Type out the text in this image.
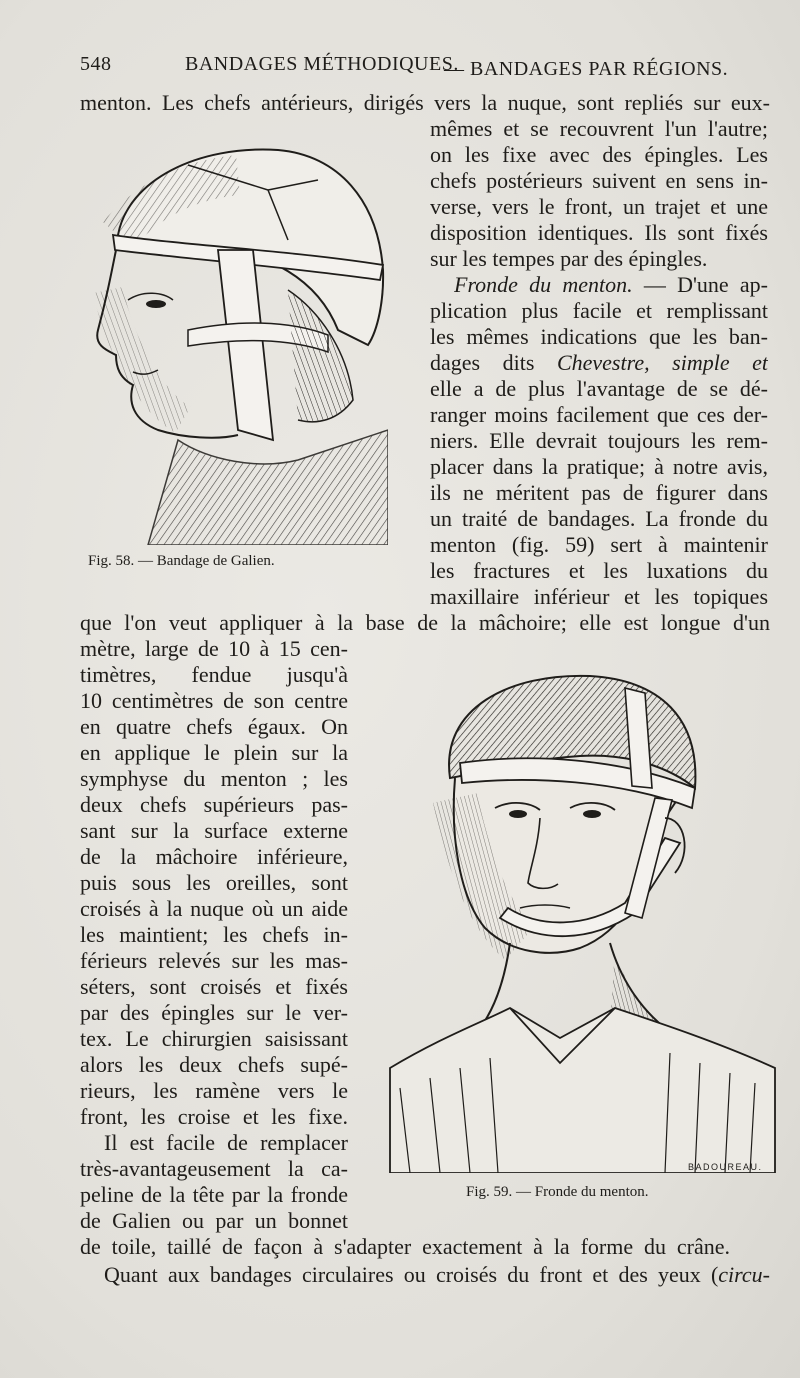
548	BANDAGES MÉTHODIQUES.
— BANDAGES PAR RÉGIONS.
Fig. 58. — Bandage de Galien.
BADOUREAU.
Fig. 59. — Fronde du menton.
menton. Les chefs antérieurs, dirigés vers la nuque, sont repliés sur eux-
mêmes et se recouvrent l'un l'autre;
on les fixe avec des épingles. Les
chefs postérieurs suivent en sens in-
verse, vers le front, un trajet et une
disposition identiques. Ils sont fixés
sur les tempes par des épingles.
Fronde du menton. — D'une ap-
plication plus facile et remplissant
les mêmes indications que les ban-
dages dits Chevestre, simple et
elle a de plus l'avantage de se dé-
ranger moins facilement que ces der-
niers. Elle devrait toujours les rem-
placer dans la pratique; à notre avis,
ils ne méritent pas de figurer dans
un traité de bandages. La fronde du
menton (fig. 59) sert à maintenir
les fractures et les luxations du
maxillaire inférieur et les topiques
que l'on veut appliquer à la base de la mâchoire; elle est longue d'un
mètre, large de 10 à 15 cen-
timètres, fendue jusqu'à
10 centimètres de son centre
en quatre chefs égaux. On
en applique le plein sur la
symphyse du menton ; les
deux chefs supérieurs pas-
sant sur la surface externe
de la mâchoire inférieure,
puis sous les oreilles, sont
croisés à la nuque où un aide
les maintient; les chefs in-
férieurs relevés sur les mas-
séters, sont croisés et fixés
par des épingles sur le ver-
tex. Le chirurgien saisissant
alors les deux chefs supé-
rieurs, les ramène vers le
front, les croise et les fixe.
Il est facile de remplacer
très-avantageusement la ca-
peline de la tête par la fronde
de Galien ou par un bonnet
de toile, taillé de façon à s'adapter exactement à la forme du crâne.
Quant aux bandages circulaires ou croisés du front et des yeux (circu-
